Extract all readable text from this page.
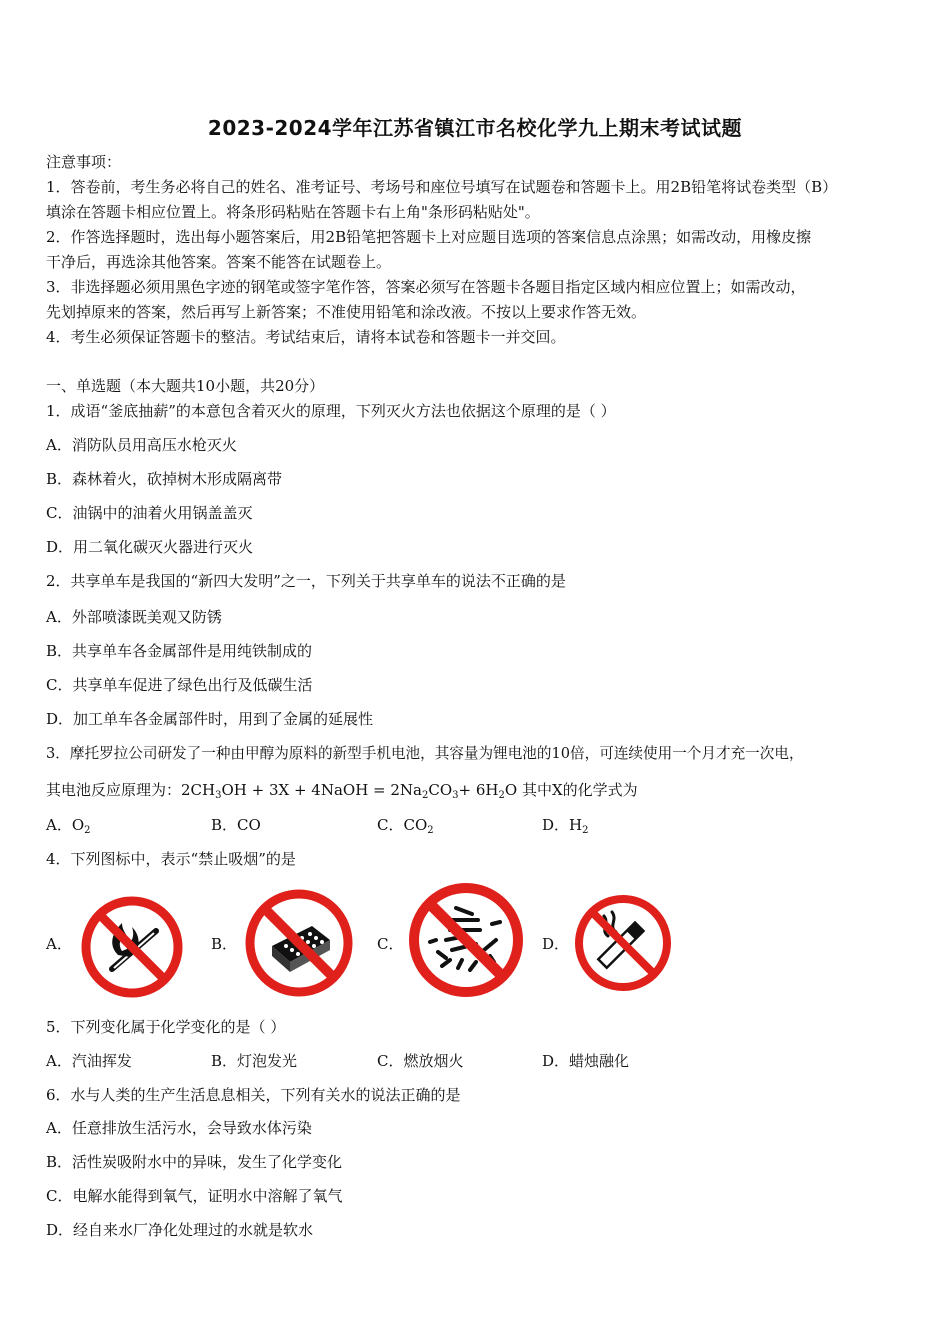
2023-2024学年江苏省镇江市名校化学九上期末考试试题
注意事项：
1．答卷前，考生务必将自己的姓名、准考证号、考场号和座位号填写在试题卷和答题卡上。用2B铅笔将试卷类型（B）
填涂在答题卡相应位置上。将条形码粘贴在答题卡右上角"条形码粘贴处"。
2．作答选择题时，选出每小题答案后，用2B铅笔把答题卡上对应题目选项的答案信息点涂黑；如需改动，用橡皮擦
干净后，再选涂其他答案。答案不能答在试题卷上。
3．非选择题必须用黑色字迹的钢笔或签字笔作答，答案必须写在答题卡各题目指定区域内相应位置上；如需改动，
先划掉原来的答案，然后再写上新答案；不准使用铅笔和涂改液。不按以上要求作答无效。
4．考生必须保证答题卡的整洁。考试结束后，请将本试卷和答题卡一并交回。
一、单选题（本大题共10小题，共20分）
1．成语“釜底抽薪”的本意包含着灭火的原理，下列灭火方法也依据这个原理的是（ ）
A．消防队员用高压水枪灭火
B．森林着火，砍掉树木形成隔离带
C．油锅中的油着火用锅盖盖灭
D．用二氧化碳灭火器进行灭火
2．共享单车是我国的“新四大发明”之一，下列关于共享单车的说法不正确的是
A．外部喷漆既美观又防锈
B．共享单车各金属部件是用纯铁制成的
C．共享单车促进了绿色出行及低碳生活
D．加工单车各金属部件时，用到了金属的延展性
3．摩托罗拉公司研发了一种由甲醇为原料的新型手机电池，其容量为锂电池的10倍，可连续使用一个月才充一次电，
其电池反应原理为：$2CH_3OH + 3X$ + 4NaOH = $2Na_2CO_3+ 6H_2O$ 其中X的化学式为
A．$O_2$	B．CO	C．$CO_2$	D．$H_2$
4．下列图标中，表示“禁止吸烟”的是
A．	B．	C．	D．
5．下列变化属于化学变化的是（ ）
A．汽油挥发	B．灯泡发光	C．燃放烟火	D．蜡烛融化
6．水与人类的生产生活息息相关，下列有关水的说法正确的是
A．任意排放生活污水，会导致水体污染
B．活性炭吸附水中的异味，发生了化学变化
C．电解水能得到氧气，证明水中溶解了氧气
D．经自来水厂净化处理过的水就是软水
